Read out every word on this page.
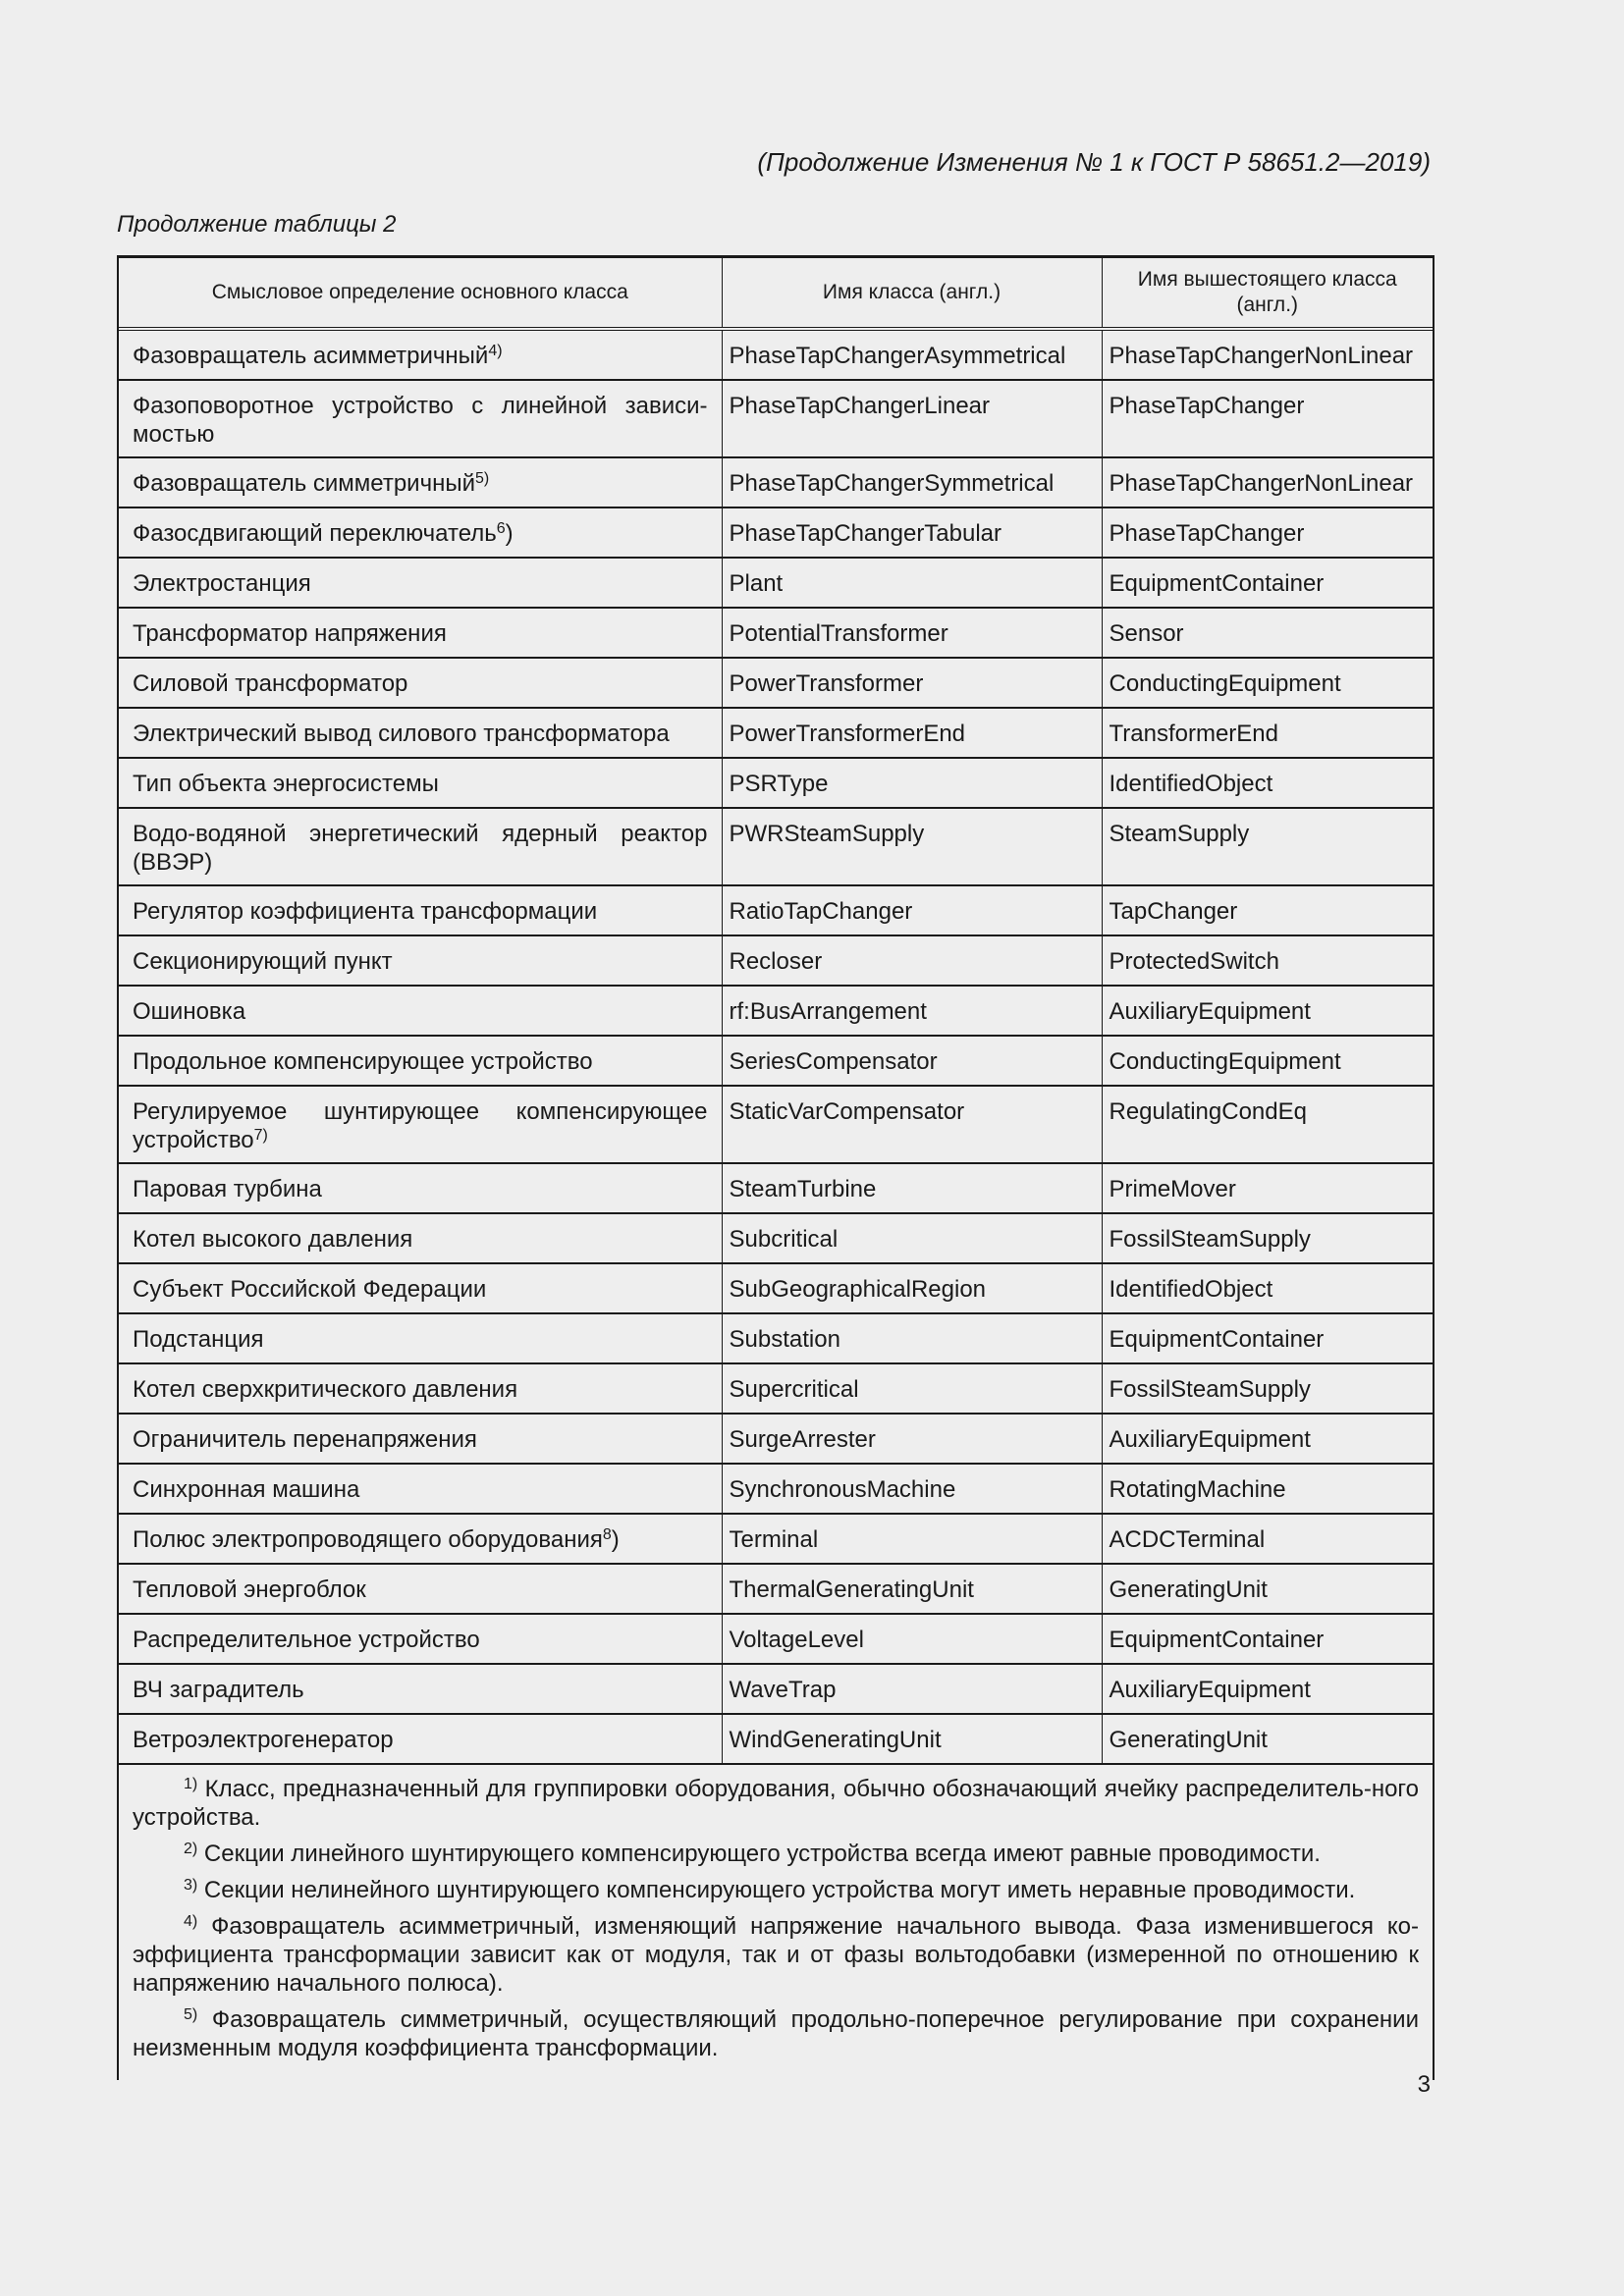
(Продолжение Изменения № 1 к ГОСТ Р 58651.2—2019)
Продолжение таблицы 2
Смысловое определение основного класса	Имя класса (англ.)	Имя вышестоящего класса (англ.)
Фазовращатель асимметричный$^{4)}$	PhaseTapChangerAsymmetrical	PhaseTapChangerNonLinear
Фазоповоротное устройство с линейной зависи-мостью	PhaseTapChangerLinear	PhaseTapChanger
Фазовращатель симметричный$^{5)}$	PhaseTapChangerSymmetrical	PhaseTapChangerNonLinear
Фазосдвигающий переключатель$^6$)	PhaseTapChangerTabular	PhaseTapChanger
Электростанция	Plant	EquipmentContainer
Трансформатор напряжения	PotentialTransformer	Sensor
Силовой трансформатор	PowerTransformer	ConductingEquipment
Электрический вывод силового трансформатора	PowerTransformerEnd	TransformerEnd
Тип объекта энергосистемы	PSRType	IdentifiedObject
Водо-водяной энергетический ядерный реактор (ВВЭР)	PWRSteamSupply	SteamSupply
Регулятор коэффициента трансформации	RatioTapChanger	TapChanger
Секционирующий пункт	Recloser	ProtectedSwitch
Ошиновка	rf:BusArrangement	AuxiliaryEquipment
Продольное компенсирующее устройство	SeriesCompensator	ConductingEquipment
Регулируемое шунтирующее компенсирующее устройство$^{7)}$	StaticVarCompensator	RegulatingCondEq
Паровая турбина	SteamTurbine	PrimeMover
Котел высокого давления	Subcritical	FossilSteamSupply
Субъект Российской Федерации	SubGeographicalRegion	IdentifiedObject
Подстанция	Substation	EquipmentContainer
Котел сверхкритического давления	Supercritical	FossilSteamSupply
Ограничитель перенапряжения	SurgeArrester	AuxiliaryEquipment
Синхронная машина	SynchronousMachine	RotatingMachine
Полюс электропроводящего оборудования$^8$)	Terminal	ACDCTerminal
Тепловой энергоблок	ThermalGeneratingUnit	GeneratingUnit
Распределительное устройство	VoltageLevel	EquipmentContainer
ВЧ заградитель	WaveTrap	AuxiliaryEquipment
Ветроэлектрогенератор	WindGeneratingUnit	GeneratingUnit

$^{1)}$ Класс, предназначенный для группировки оборудования, обычно обозначающий ячейку распределитель-ного устройства.

$^{2)}$ Секции линейного шунтирующего компенсирующего устройства всегда имеют равные проводимости.

$^{3)}$ Секции нелинейного шунтирующего компенсирующего устройства могут иметь неравные проводимости.

$^{4)}$ Фазовращатель асимметричный, изменяющий напряжение начального вывода. Фаза изменившегося ко-эффициента трансформации зависит как от модуля, так и от фазы вольтодобавки (измеренной по отношению к напряжению начального полюса).

$^{5)}$ Фазовращатель симметричный, осуществляющий продольно-поперечное регулирование при сохранении неизменным модуля коэффициента трансформации.

3
